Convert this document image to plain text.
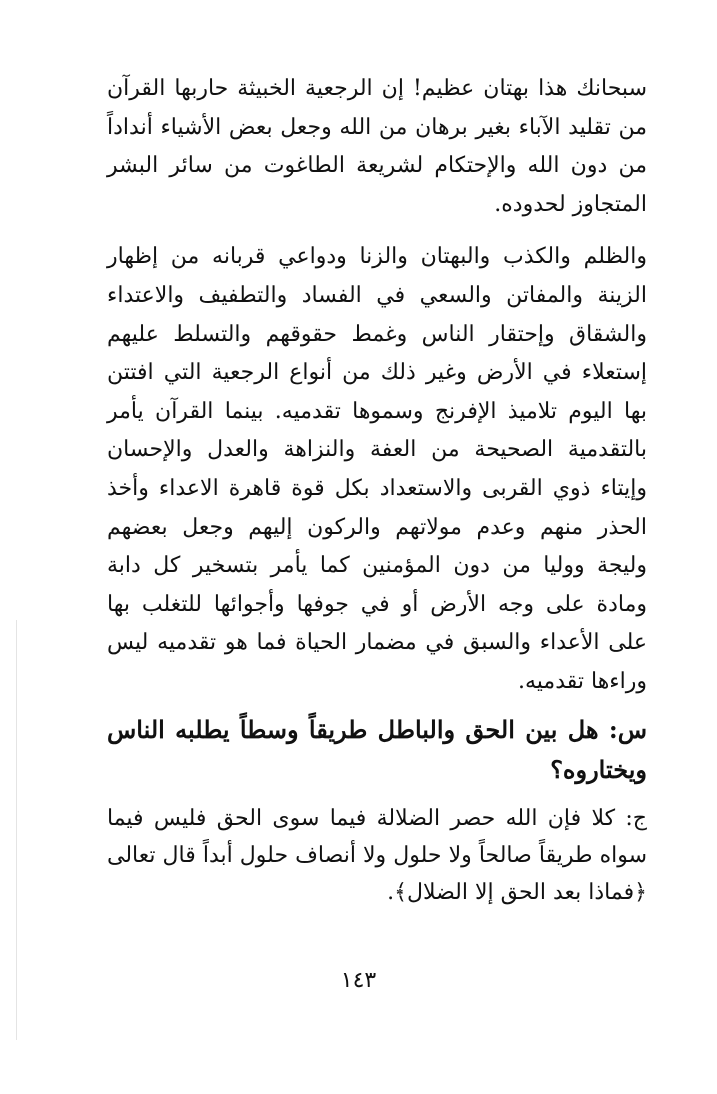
سبحانك هذا بهتان عظيم! إن الرجعية الخبيثة حاربها القرآن من تقليد الآباء بغير برهان من الله وجعل بعض الأشياء أنداداً من دون الله والإحتكام لشريعة الطاغوت من سائر البشر المتجاوز لحدوده.

والظلم والكذب والبهتان والزنا ودواعي قربانه من إظهار الزينة والمفاتن والسعي في الفساد والتطفيف والاعتداء والشقاق وإحتقار الناس وغمط حقوقهم والتسلط عليهم إستعلاء في الأرض وغير ذلك من أنواع الرجعية التي افتتن بها اليوم تلاميذ الإفرنج وسموها تقدميه. بينما القرآن يأمر بالتقدمية الصحيحة من العفة والنزاهة والعدل والإحسان وإيتاء ذوي القربى والاستعداد بكل قوة قاهرة الاعداء وأخذ الحذر منهم وعدم مولاتهم والركون إليهم وجعل بعضهم وليجة ووليا من دون المؤمنين كما يأمر بتسخير كل دابة ومادة على وجه الأرض أو في جوفها وأجوائها للتغلب بها على الأعداء والسبق في مضمار الحياة فما هو تقدميه ليس وراءها تقدميه.

س: هل بين الحق والباطل طريقاً وسطاً يطلبه الناس ويختاروه؟

ج: كلا فإن الله حصر الضلالة فيما سوى الحق فليس فيما سواه طريقاً صالحاً ولا حلول ولا أنصاف حلول أبداً قال تعالى ﴿فماذا بعد الحق إلا الضلال﴾.

١٤٣
